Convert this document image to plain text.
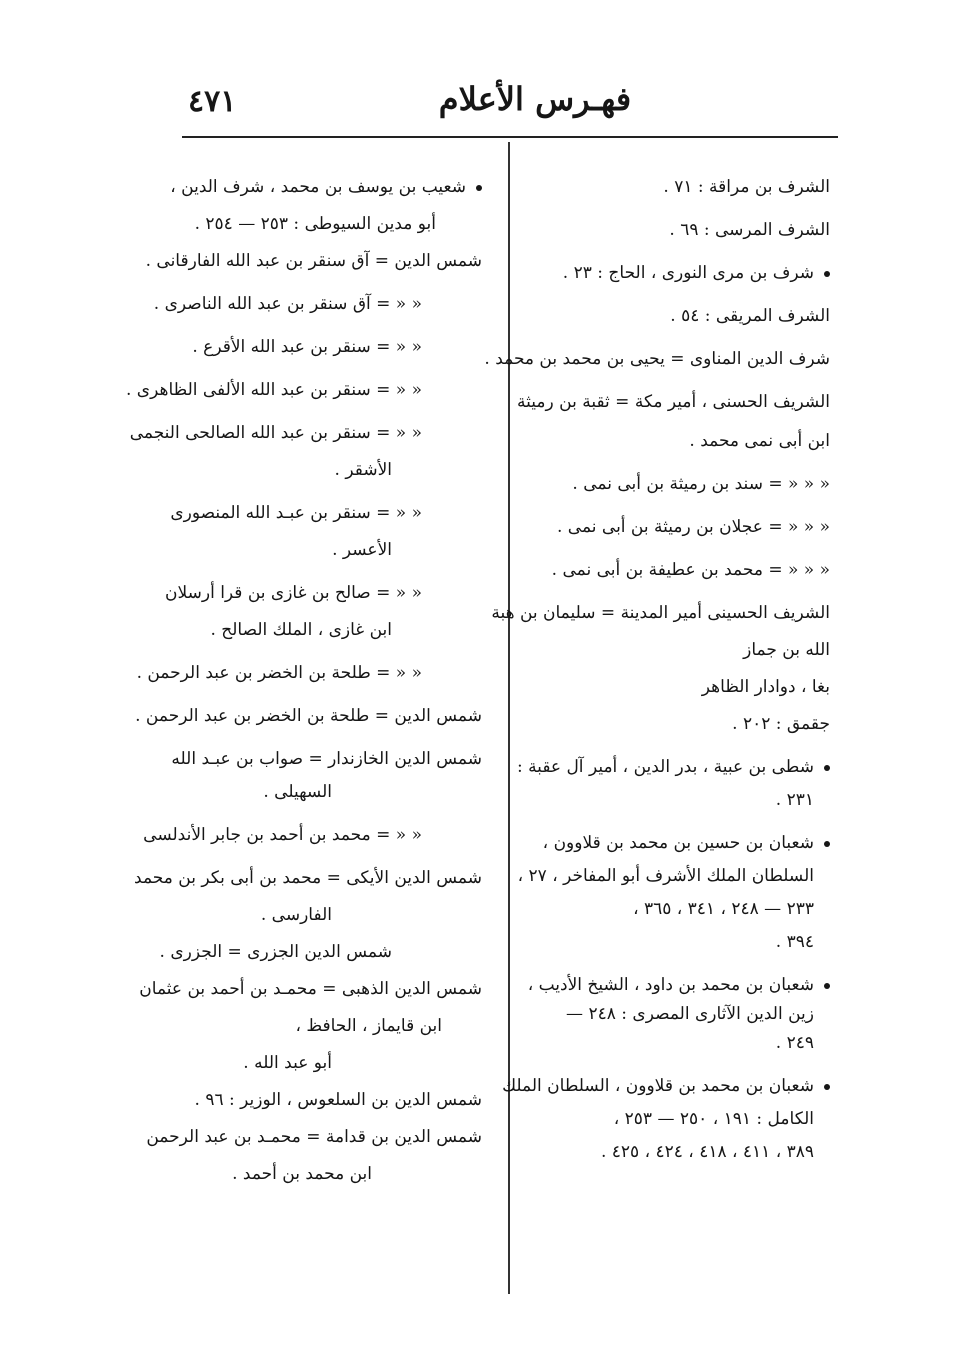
٤٧١	فهـرس الأعلام
الشرف بن مراقة : ٧١ .
الشرف المرسى : ٦٩ .
شرف بن مرى النورى ، الحاج : ٢٣ .
الشرف المريقى : ٥٤ .
شرف الدين المناوى = يحيى بن محمد بن محمد .
الشريف الحسنى ، أمير مكة = ثقبة بن رميثة
ابن أبى نمى محمد .
« « « = سند بن رميثة بن أبى نمى .
« « « = عجلان بن رميثة بن أبى نمى .
« « « = محمد بن عطيفة بن أبى نمى .
الشريف الحسينى أمير المدينة = سليمان بن هبة
الله بن جماز
بغا ، دوادار الظاهر
جقمق : ٢٠٢ .
شطى بن عبية ، بدر الدين ، أمير آل عقبة :
٢٣١ .
شعبان بن حسين بن محمد بن قلاوون ،
السلطان الملك الأشرف أبو المفاخر ، ٢٧ ،
٢٣٣ — ٢٤٨ ، ٣٤١ ، ٣٦٥ ،
٣٩٤ .
شعبان بن محمد بن داود ، الشيخ الأديب ،
زين الدين الآثارى المصرى : ٢٤٨ —
٢٤٩ .
شعبان بن محمد بن قلاوون ، السلطان الملك
الكامل : ١٩١ ، ٢٥٠ — ٢٥٣ ،
٣٨٩ ، ٤١١ ، ٤١٨ ، ٤٢٤ ، ٤٢٥ .
شعيب بن يوسف بن محمد ، شرف الدين ،
أبو مدين السيوطى : ٢٥٣ — ٢٥٤ .
شمس الدين = آق سنقر بن عبد الله الفارقانى .
« « = آق سنقر بن عبد الله الناصرى .
« « = سنقر بن عبد الله الأقرع .
« « = سنقر بن عبد الله الألفى الظاهرى .
« « = سنقر بن عبد الله الصالحى النجمى
الأشقر .
« « = سنقر بن عبـد الله المنصورى
الأعسر .
« « = صالح بن غازى بن قرا أرسلان
ابن غازى ، الملك الصالح .
« « = طلحة بن الخضر بن عبد الرحمن .
شمس الدين = طلحة بن الخضر بن عبد الرحمن .
شمس الدين الخازندار = صواب بن عبـد الله
السهيلى .
« « = محمد بن أحمد بن جابر الأندلسى
شمس الدين الأيكى = محمد بن أبى بكر بن محمد
الفارسى .
شمس الدين الجزرى = الجزرى .
شمس الدين الذهبى = محمـد بن أحمد بن عثمان
ابن قايماز ، الحافظ ،
أبو عبد الله .
شمس الدين بن السلعوس ، الوزير : ٩٦ .
شمس الدين بن قدامة = محمـد بن عبد الرحمن
ابن محمد بن أحمد .
